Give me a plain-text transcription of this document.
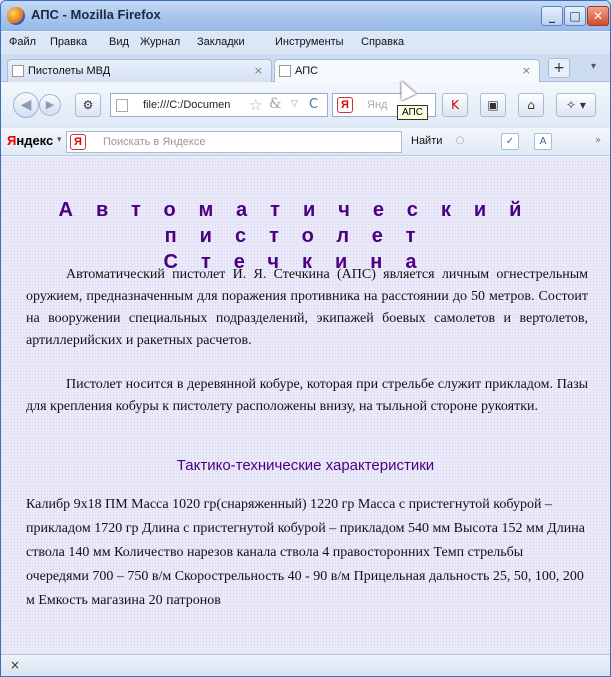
АПС - Mozilla Firefox	_	□	✕
Файл Правка Вид Журнал Закладки	Инструменты Справка
Пистолеты МВД	×	АПС	×	+	▾
◀	▶	⚙	file:///C:/Documen ☆ & ▽ C	Я	Янд	K	▣	⌂	✧ ▾
АПС
Яндекс ▾	Я	Поискать в Яндексе	Найти	○	✓	A	»
Автоматический
пистолет Стечкина

Автоматический пистолет И. Я. Стечкина (АПС) является личным огнестрельным оружием, предназначенным для поражения противника на расстоянии до 50 метров. Состоит на вооружении специальных подразделений, экипажей боевых самолетов и вертолетов, артиллерийских и ракетных расчетов.

Пистолет носится в деревянной кобуре, которая при стрельбе служит прикладом. Пазы для крепления кобуры к пистолету расположены внизу, на тыльной стороне рукоятки.

Тактико-технические характеристики

Калибр 9х18 ПМ Масса 1020 гр(снаряженный) 1220 гр Масса с пристегнутой кобурой – прикладом 1720 гр Длина с пристегнутой кобурой – прикладом 540 мм Высота 152 мм Длина ствола 140 мм Количество нарезов канала ствола 4 правосторонних Темп стрельбы очередями 700 – 750 в/м Скорострельность 40 - 90 в/м Прицельная дальность 25, 50, 100, 200 м Емкость магазина 20 патронов

×
